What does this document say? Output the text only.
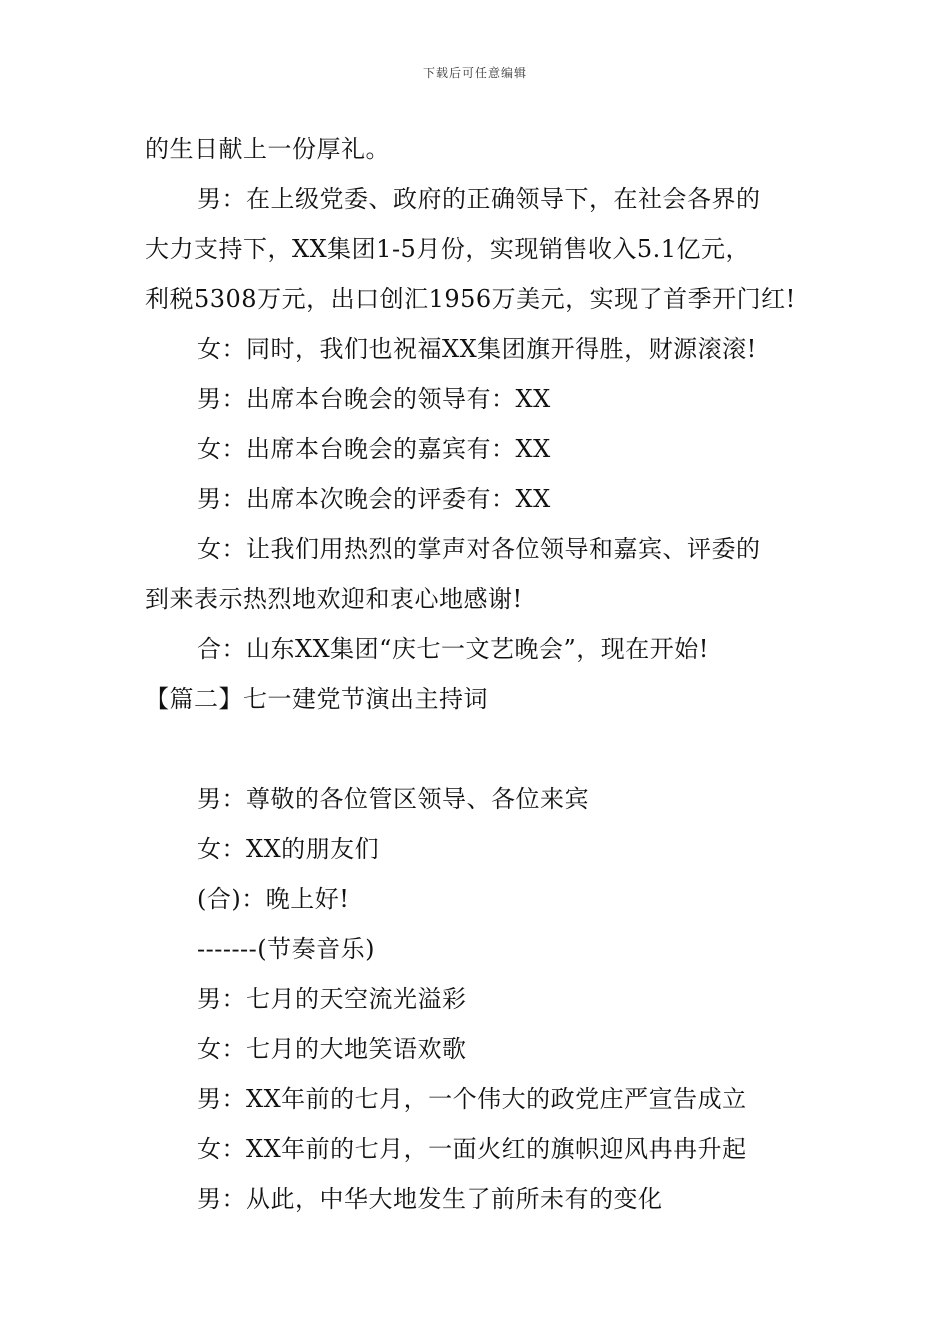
下载后可任意编辑
的生日献上一份厚礼。
男：在上级党委、政府的正确领导下，在社会各界的
大力支持下，XX集团1-5月份，实现销售收入5.1亿元，
利税5308万元，出口创汇1956万美元，实现了首季开门红!
女：同时，我们也祝福XX集团旗开得胜，财源滚滚!
男：出席本台晚会的领导有：XX
女：出席本台晚会的嘉宾有：XX
男：出席本次晚会的评委有：XX
女：让我们用热烈的掌声对各位领导和嘉宾、评委的
到来表示热烈地欢迎和衷心地感谢!
合：山东XX集团“庆七一文艺晚会”，现在开始!
【篇二】七一建党节演出主持词
男：尊敬的各位管区领导、各位来宾
女：XX的朋友们
(合)：晚上好!
-------(节奏音乐)
男：七月的天空流光溢彩
女：七月的大地笑语欢歌
男：XX年前的七月，一个伟大的政党庄严宣告成立
女：XX年前的七月，一面火红的旗帜迎风冉冉升起
男：从此，中华大地发生了前所未有的变化
